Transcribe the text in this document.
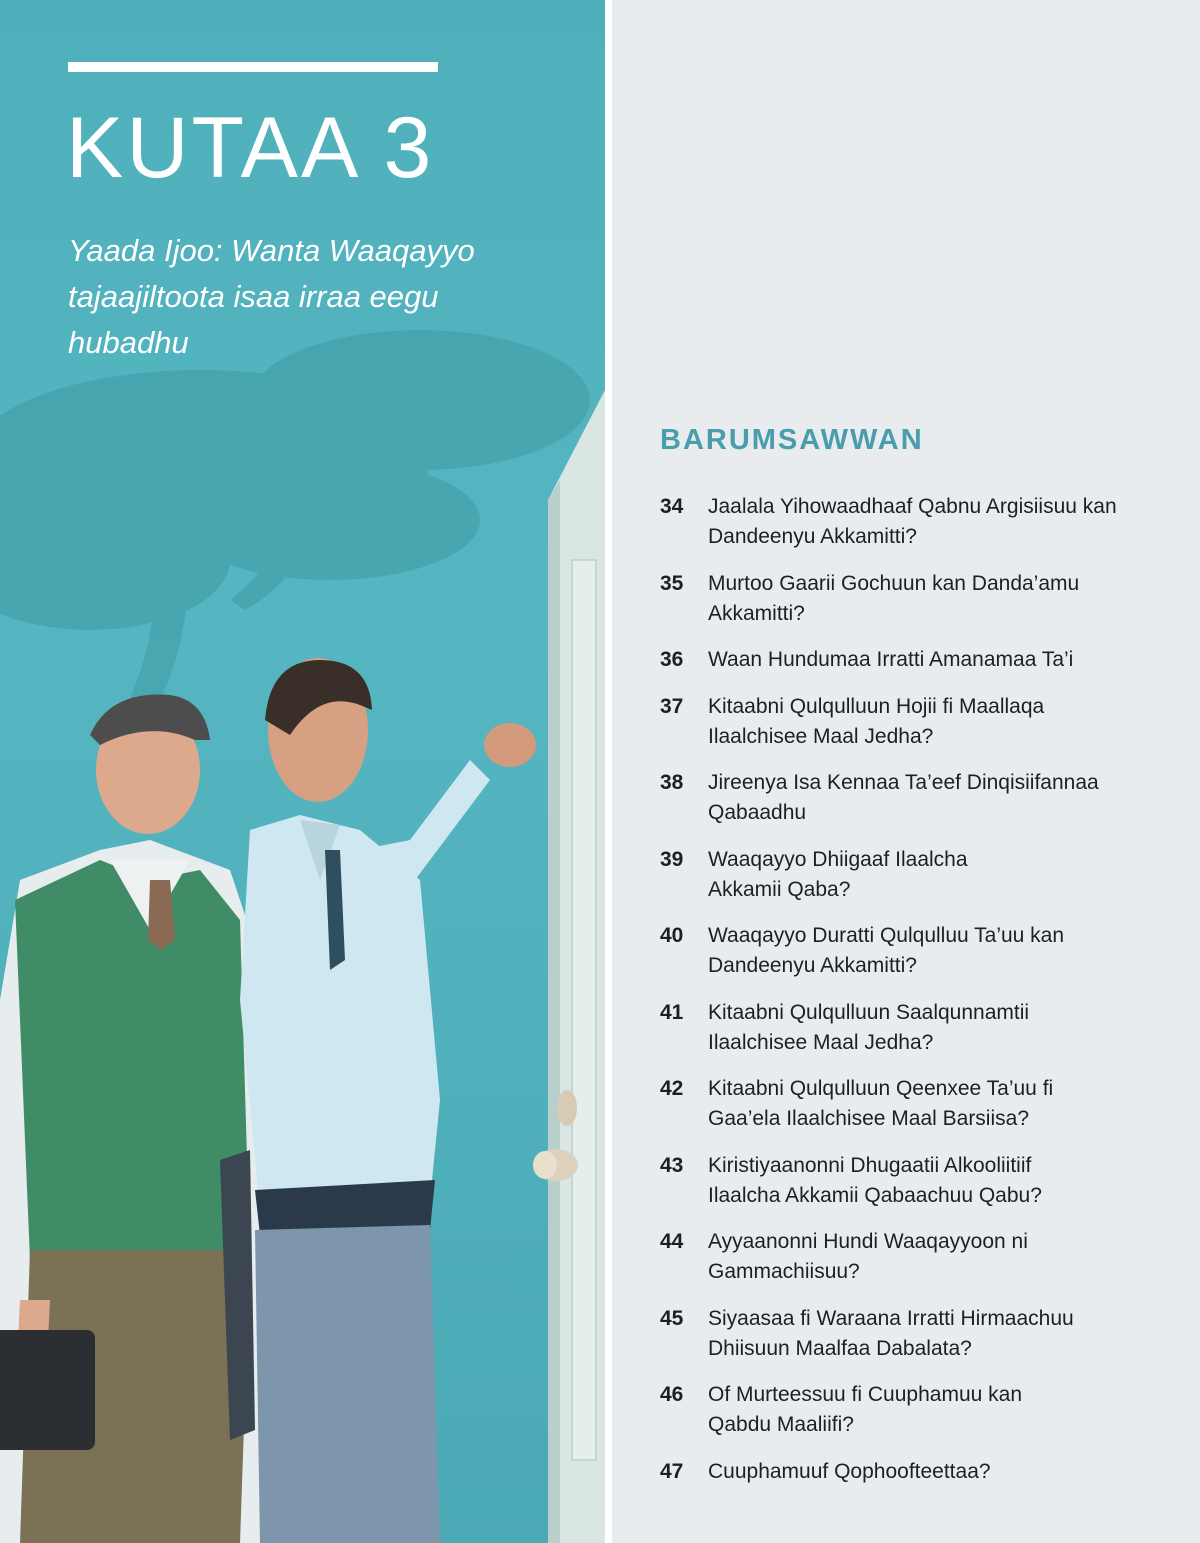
KUTAA 3
Yaada Ijoo: Wanta Waaqayyo tajaajiltoota isaa irraa eegu hubadhu
BARUMSAWWAN
34	Jaalala Yihowaadhaaf Qabnu Argisiisuu kan Dandeenyu Akkamitti?
35	Murtoo Gaarii Gochuun kan Danda’amu Akkamitti?
36	Waan Hundumaa Irratti Amanamaa Ta’i
37	Kitaabni Qulqulluun Hojii fi Maallaqa Ilaalchisee Maal Jedha?
38	Jireenya Isa Kennaa Ta’eef Dinqisiifannaa Qabaadhu
39	Waaqayyo Dhiigaaf Ilaalcha Akkamii Qaba?
40	Waaqayyo Duratti Qulqulluu Ta’uu kan Dandeenyu Akkamitti?
41	Kitaabni Qulqulluun Saalqunnamtii Ilaalchisee Maal Jedha?
42	Kitaabni Qulqulluun Qeenxee Ta’uu fi Gaa’ela Ilaalchisee Maal Barsiisa?
43	Kiristiyaanonni Dhugaatii Alkooliitiif Ilaalcha Akkamii Qabaachuu Qabu?
44	Ayyaanonni Hundi Waaqayyoon ni Gammachiisuu?
45	Siyaasaa fi Waraana Irratti Hirmaachuu Dhiisuun Maalfaa Dabalata?
46	Of Murteessuu fi Cuuphamuu kan Qabdu Maaliifi?
47	Cuuphamuuf Qophoofteettaa?
